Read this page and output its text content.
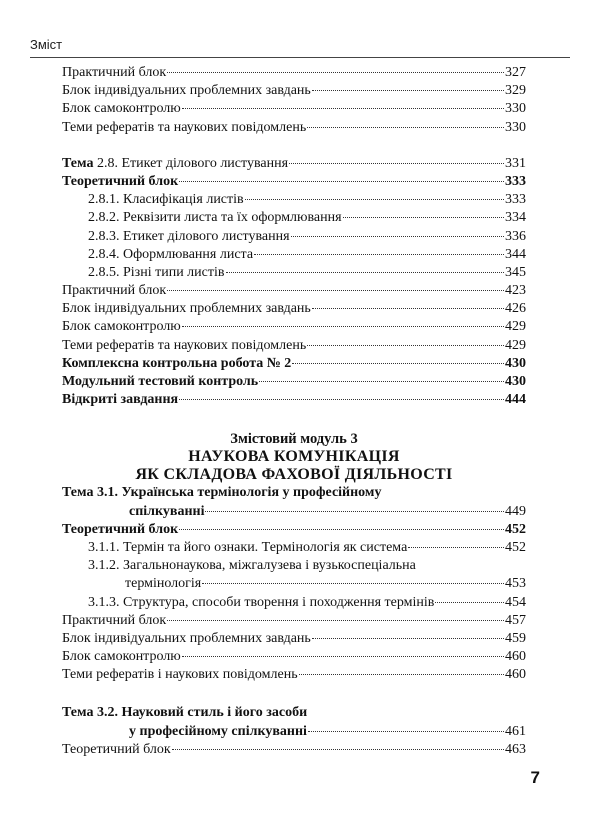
Зміст
Практичний блок	327
Блок індивідуальних проблемних завдань	329
Блок самоконтролю	330
Теми рефератів та наукових повідомлень	330
Тема 2.8. Етикет ділового листування	331
Теоретичний блок	333
2.8.1. Класифікація листів	333
2.8.2. Реквізити листа та їх оформлювання	334
2.8.3. Етикет ділового листування	336
2.8.4. Оформлювання листа	344
2.8.5. Різні типи листів	345
Практичний блок	423
Блок індивідуальних проблемних завдань	426
Блок самоконтролю	429
Теми рефератів та наукових повідомлень	429
Комплексна контрольна робота № 2	430
Модульний тестовий контроль	430
Відкриті завдання	444
Змістовий модуль 3
НАУКОВА КОМУНІКАЦІЯ
ЯК СКЛАДОВА ФАХОВОЇ ДІЯЛЬНОСТІ
Тема 3.1. Українська термінологія у професійному
спілкуванні	449
Теоретичний блок	452
3.1.1. Термін та його ознаки. Термінологія як система	452
3.1.2. Загальнонаукова, міжгалузева і вузькоспеціальна
термінологія	453
3.1.3. Структура, способи творення і походження термінів	454
Практичний блок	457
Блок індивідуальних проблемних завдань	459
Блок самоконтролю	460
Теми рефератів і наукових повідомлень	460
Тема 3.2. Науковий стиль і його засоби
у професійному спілкуванні	461
Теоретичний блок	463
7
